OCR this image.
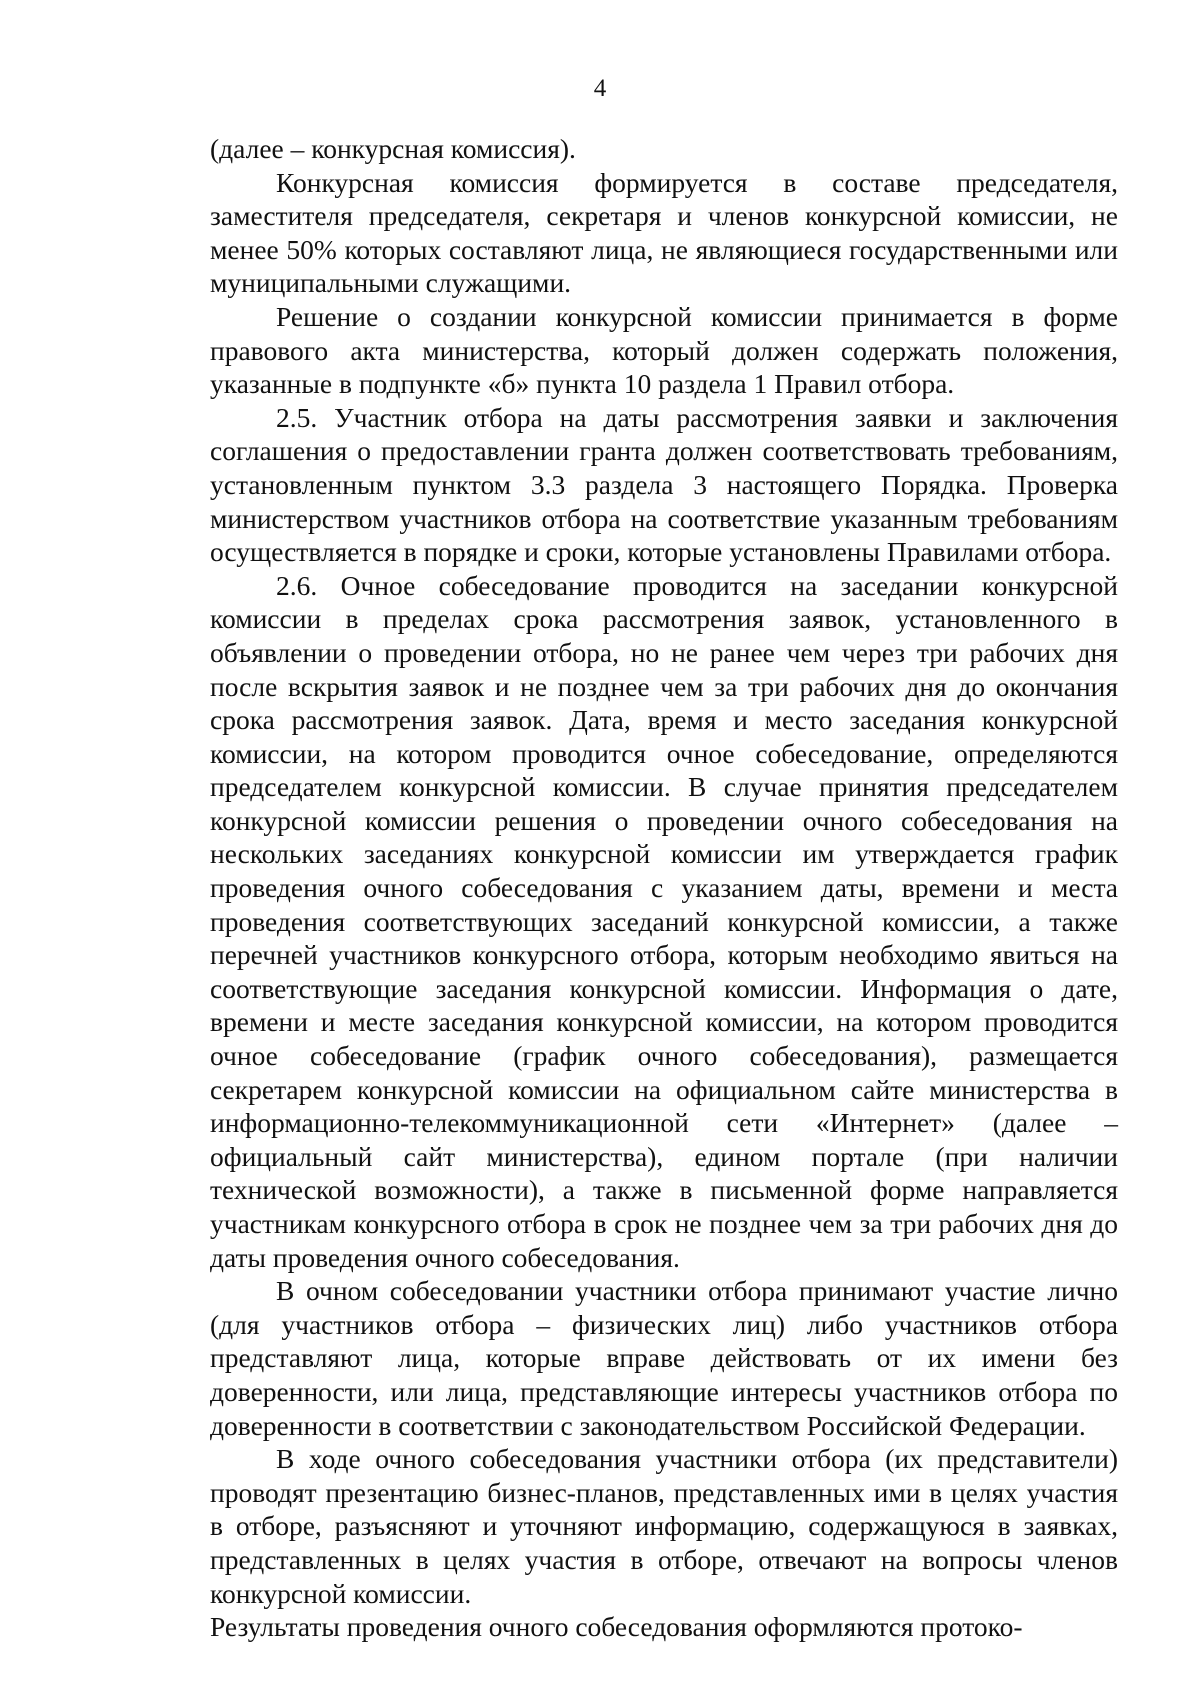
4

(далее – конкурсная комиссия).

Конкурсная комиссия формируется в составе председателя, заместителя председателя, секретаря и членов конкурсной комиссии, не менее 50% которых составляют лица, не являющиеся государственными или муниципальными служащими.

Решение о создании конкурсной комиссии принимается в форме правового акта министерства, который должен содержать положения, указанные в подпункте «б» пункта 10 раздела 1 Правил отбора.

2.5. Участник отбора на даты рассмотрения заявки и заключения соглашения о предоставлении гранта должен соответствовать требованиям, установленным пунктом 3.3 раздела 3 настоящего Порядка. Проверка министерством участников отбора на соответствие указанным требованиям осуществляется в порядке и сроки, которые установлены Правилами отбора.

2.6. Очное собеседование проводится на заседании конкурсной комиссии в пределах срока рассмотрения заявок, установленного в объявлении о проведении отбора, но не ранее чем через три рабочих дня после вскрытия заявок и не позднее чем за три рабочих дня до окончания срока рассмотрения заявок. Дата, время и место заседания конкурсной комиссии, на котором проводится очное собеседование, определяются председателем конкурсной комиссии. В случае принятия председателем конкурсной комиссии решения о проведении очного собеседования на нескольких заседаниях конкурсной комиссии им утверждается график проведения очного собеседования с указанием даты, времени и места проведения соответствующих заседаний конкурсной комиссии, а также перечней участников конкурсного отбора, которым необходимо явиться на соответствующие заседания конкурсной комиссии. Информация о дате, времени и месте заседания конкурсной комиссии, на котором проводится очное собеседование (график очного собеседования), размещается секретарем конкурсной комиссии на официальном сайте министерства в информационно-телекоммуникационной сети «Интернет» (далее – официальный сайт министерства), едином портале (при наличии технической возможности), а также в письменной форме направляется участникам конкурсного отбора в срок не позднее чем за три рабочих дня до даты проведения очного собеседования.

В очном собеседовании участники отбора принимают участие лично (для участников отбора – физических лиц) либо участников отбора представляют лица, которые вправе действовать от их имени без доверенности, или лица, представляющие интересы участников отбора по доверенности в соответствии с законодательством Российской Федерации.

В ходе очного собеседования участники отбора (их представители) проводят презентацию бизнес-планов, представленных ими в целях участия в отборе, разъясняют и уточняют информацию, содержащуюся в заявках, представленных в целях участия в отборе, отвечают на вопросы членов конкурсной комиссии.

Результаты проведения очного собеседования оформляются протоко-
